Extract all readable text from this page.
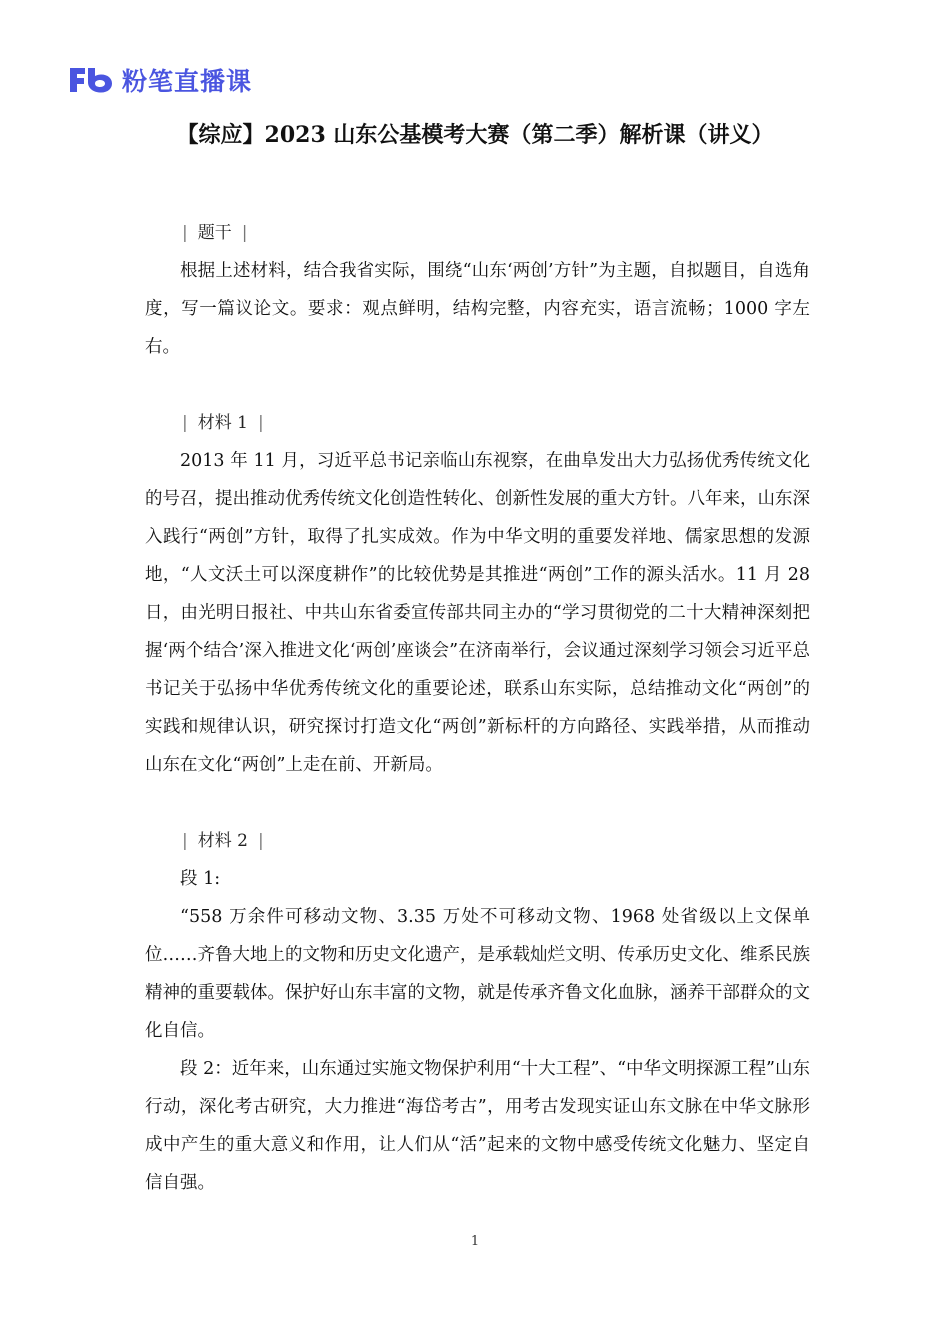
粉笔直播课
【综应】2023 山东公基模考大赛（第二季）解析课（讲义）
| 题干 |

根据上述材料，结合我省实际，围绕“山东‘两创’方针”为主题，自拟题目，自选角度，写一篇议论文。要求：观点鲜明，结构完整，内容充实，语言流畅；1000 字左右。

| 材料 1 |

2013 年 11 月，习近平总书记亲临山东视察，在曲阜发出大力弘扬优秀传统文化的号召，提出推动优秀传统文化创造性转化、创新性发展的重大方针。八年来，山东深入践行“两创”方针，取得了扎实成效。作为中华文明的重要发祥地、儒家思想的发源地，“人文沃土可以深度耕作”的比较优势是其推进“两创”工作的源头活水。11 月 28 日，由光明日报社、中共山东省委宣传部共同主办的“学习贯彻党的二十大精神深刻把握‘两个结合’深入推进文化‘两创’座谈会”在济南举行，会议通过深刻学习领会习近平总书记关于弘扬中华优秀传统文化的重要论述，联系山东实际，总结推动文化“两创”的实践和规律认识，研究探讨打造文化“两创”新标杆的方向路径、实践举措，从而推动山东在文化“两创”上走在前、开新局。

| 材料 2 |

段 1:

“558 万余件可移动文物、3.35 万处不可移动文物、1968 处省级以上文保单位……齐鲁大地上的文物和历史文化遗产，是承载灿烂文明、传承历史文化、维系民族精神的重要载体。保护好山东丰富的文物，就是传承齐鲁文化血脉，涵养干部群众的文化自信。

段 2：近年来，山东通过实施文物保护利用“十大工程”、“中华文明探源工程”山东行动，深化考古研究，大力推进“海岱考古”，用考古发现实证山东文脉在中华文脉形成中产生的重大意义和作用，让人们从“活”起来的文物中感受传统文化魅力、坚定自信自强。

1
